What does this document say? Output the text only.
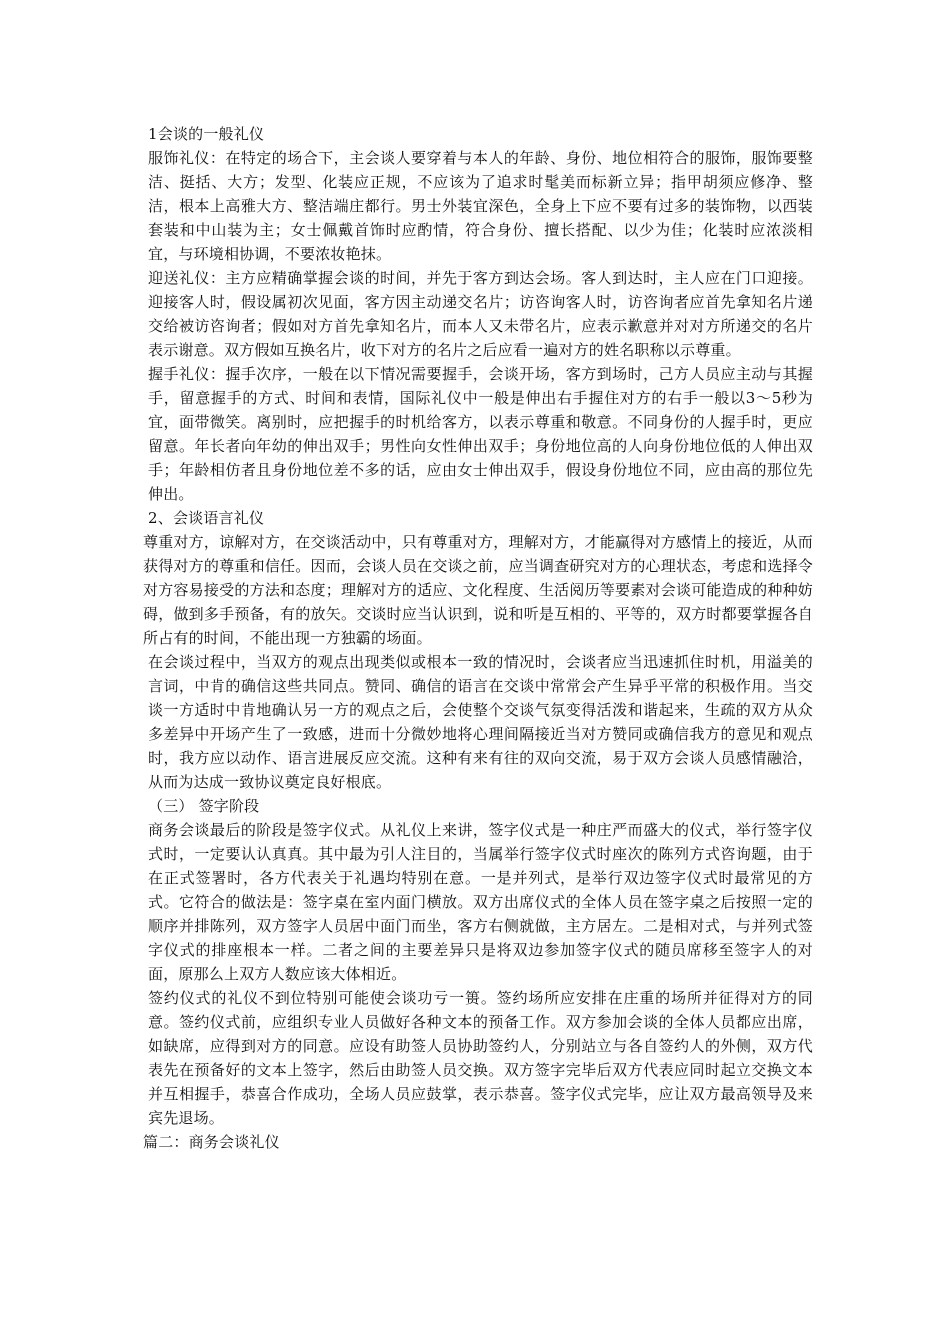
1会谈的一般礼仪

服饰礼仪：在特定的场合下，主会谈人要穿着与本人的年龄、身份、地位相符合的服饰，服饰要整洁、挺括、大方；发型、化装应正规，不应该为了追求时髦美而标新立异；指甲胡须应修净、整洁，根本上高雅大方、整洁端庄都行。男士外装宜深色，全身上下应不要有过多的装饰物，以西装套装和中山装为主；女士佩戴首饰时应酌情，符合身份、擅长搭配、以少为佳；化装时应浓淡相宜，与环境相协调，不要浓妆艳抹。

迎送礼仪：主方应精确掌握会谈的时间，并先于客方到达会场。客人到达时，主人应在门口迎接。迎接客人时，假设属初次见面，客方因主动递交名片；访咨询客人时，访咨询者应首先拿知名片递交给被访咨询者；假如对方首先拿知名片，而本人又未带名片，应表示歉意并对对方所递交的名片表示谢意。双方假如互换名片，收下对方的名片之后应看一遍对方的姓名职称以示尊重。

握手礼仪：握手次序，一般在以下情况需要握手，会谈开场，客方到场时，己方人员应主动与其握手，留意握手的方式、时间和表情，国际礼仪中一般是伸出右手握住对方的右手一般以3～5秒为宜，面带微笑。离别时，应把握手的时机给客方，以表示尊重和敬意。不同身份的人握手时，更应留意。年长者向年幼的伸出双手；男性向女性伸出双手；身份地位高的人向身份地位低的人伸出双手；年龄相仿者且身份地位差不多的话，应由女士伸出双手，假设身份地位不同，应由高的那位先伸出。

2、会谈语言礼仪

尊重对方，谅解对方，在交谈活动中，只有尊重对方，理解对方，才能赢得对方感情上的接近，从而获得对方的尊重和信任。因而，会谈人员在交谈之前，应当调查研究对方的心理状态，考虑和选择令对方容易接受的方法和态度；理解对方的适应、文化程度、生活阅历等要素对会谈可能造成的种种妨碍，做到多手预备，有的放矢。交谈时应当认识到，说和听是互相的、平等的，双方时都要掌握各自所占有的时间，不能出现一方独霸的场面。

在会谈过程中，当双方的观点出现类似或根本一致的情况时，会谈者应当迅速抓住时机，用溢美的言词，中肯的确信这些共同点。赞同、确信的语言在交谈中常常会产生异乎平常的积极作用。当交谈一方适时中肯地确认另一方的观点之后，会使整个交谈气氛变得活泼和谐起来，生疏的双方从众多差异中开场产生了一致感，进而十分微妙地将心理间隔接近当对方赞同或确信我方的意见和观点时，我方应以动作、语言进展反应交流。这种有来有往的双向交流，易于双方会谈人员感情融洽，从而为达成一致协议奠定良好根底。

（三） 签字阶段

商务会谈最后的阶段是签字仪式。从礼仪上来讲，签字仪式是一种庄严而盛大的仪式，举行签字仪式时，一定要认认真真。其中最为引人注目的，当属举行签字仪式时座次的陈列方式咨询题，由于在正式签署时，各方代表关于礼遇均特别在意。一是并列式，是举行双边签字仪式时最常见的方式。它符合的做法是：签字桌在室内面门横放。双方出席仪式的全体人员在签字桌之后按照一定的顺序并排陈列，双方签字人员居中面门而坐，客方右侧就做，主方居左。二是相对式，与并列式签字仪式的排座根本一样。二者之间的主要差异只是将双边参加签字仪式的随员席移至签字人的对面，原那么上双方人数应该大体相近。

签约仪式的礼仪不到位特别可能使会谈功亏一篑。签约场所应安排在庄重的场所并征得对方的同意。签约仪式前，应组织专业人员做好各种文本的预备工作。双方参加会谈的全体人员都应出席，如缺席，应得到对方的同意。应设有助签人员协助签约人，分别站立与各自签约人的外侧，双方代表先在预备好的文本上签字，然后由助签人员交换。双方签字完毕后双方代表应同时起立交换文本并互相握手，恭喜合作成功，全场人员应鼓掌，表示恭喜。签字仪式完毕，应让双方最高领导及来宾先退场。

篇二：商务会谈礼仪
